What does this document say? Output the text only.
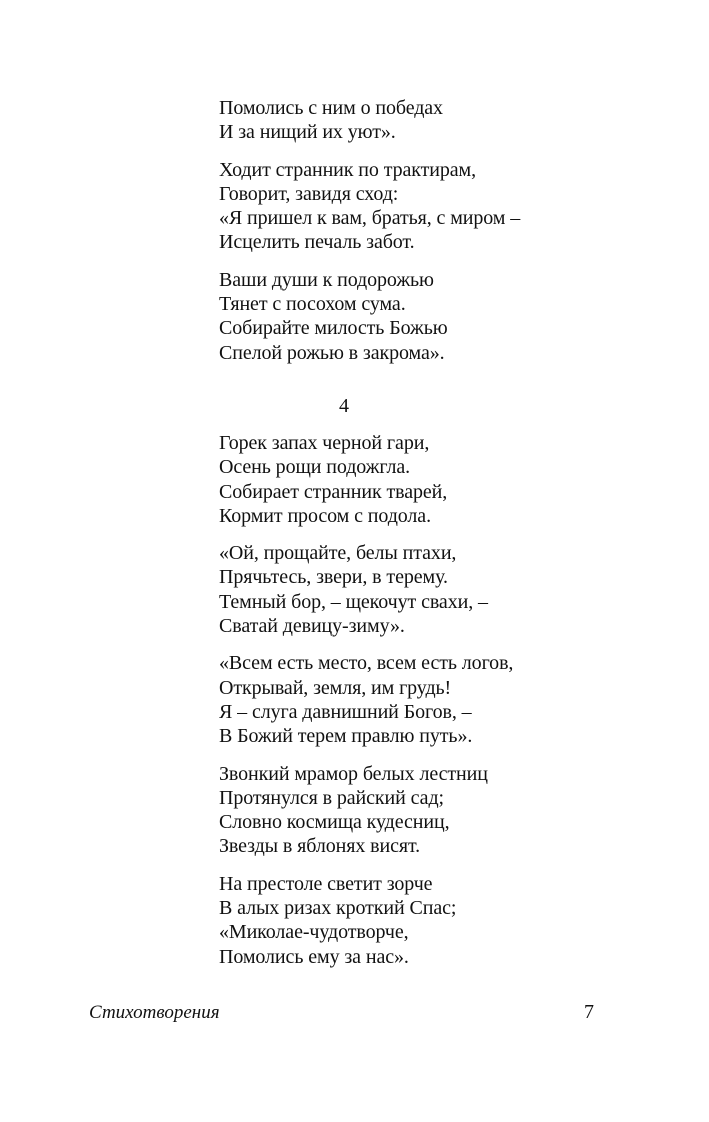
Помолись с ним о победах
И за нищий их уют».

Ходит странник по трактирам,
Говорит, завидя сход:
«Я пришел к вам, братья, с миром –
Исцелить печаль забот.

Ваши души к подорожью
Тянет с посохом сума.
Собирайте милость Божью
Спелой рожью в закрома».

4

Горек запах черной гари,
Осень рощи подожгла.
Собирает странник тварей,
Кормит просом с подола.

«Ой, прощайте, белы птахи,
Прячьтесь, звери, в терему.
Темный бор, – щекочут свахи, –
Сватай девицу-зиму».

«Всем есть место, всем есть логов,
Открывай, земля, им грудь!
Я – слуга давнишний Богов, –
В Божий терем правлю путь».

Звонкий мрамор белых лестниц
Протянулся в райский сад;
Словно космища кудесниц,
Звезды в яблонях висят.

На престоле светит зорче
В алых ризах кроткий Спас;
«Миколае-чудотворче,
Помолись ему за нас».

Стихотворения	7
